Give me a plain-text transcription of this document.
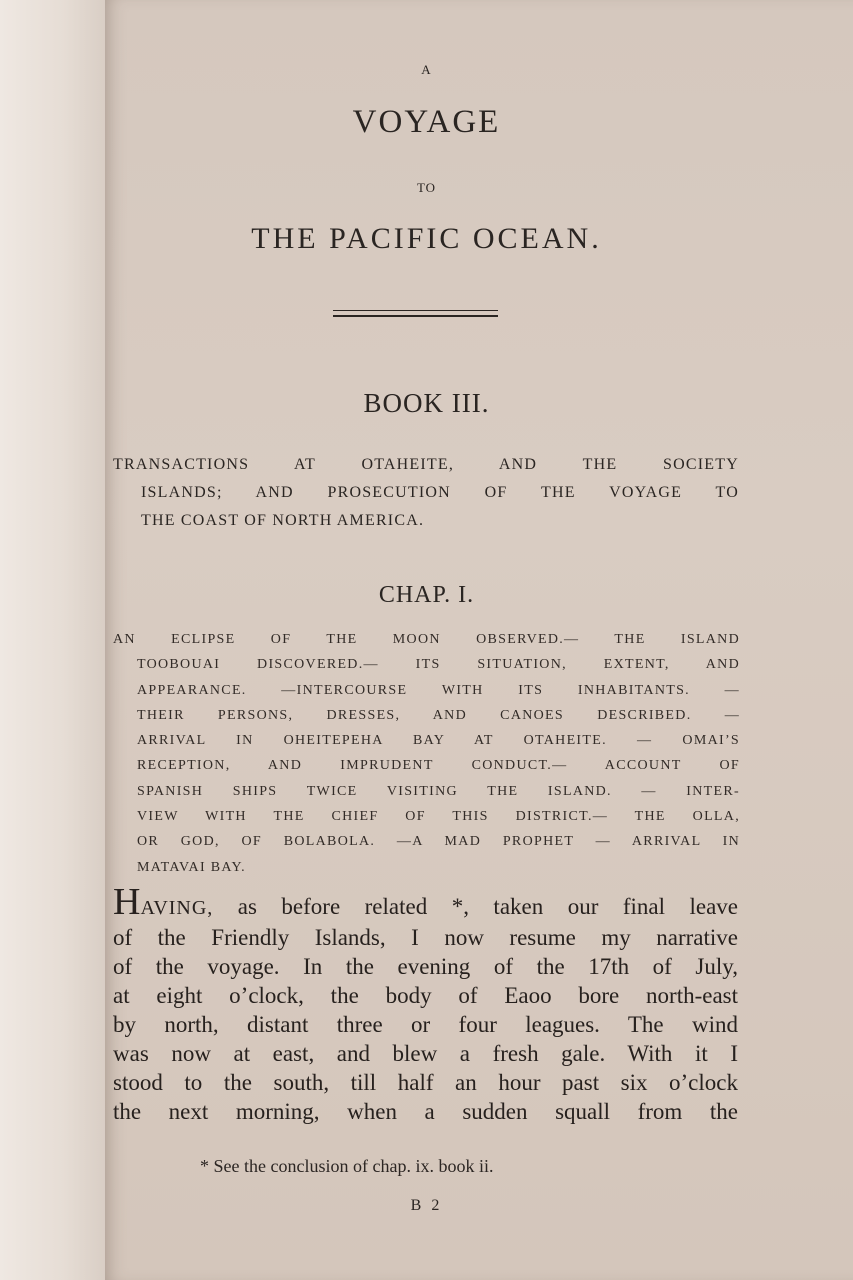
A
VOYAGE
TO
THE PACIFIC OCEAN.
BOOK III.
TRANSACTIONS AT OTAHEITE, AND THE SOCIETY
ISLANDS; AND PROSECUTION OF THE VOYAGE TO
THE COAST OF NORTH AMERICA.
CHAP. I.
AN ECLIPSE OF THE MOON OBSERVED.— THE ISLAND
TOOBOUAI DISCOVERED.— ITS SITUATION, EXTENT, AND
APPEARANCE. —INTERCOURSE WITH ITS INHABITANTS. —
THEIR PERSONS, DRESSES, AND CANOES DESCRIBED. —
ARRIVAL IN OHEITEPEHA BAY AT OTAHEITE. — OMAI’S
RECEPTION, AND IMPRUDENT CONDUCT.— ACCOUNT OF
SPANISH SHIPS TWICE VISITING THE ISLAND. — INTER-
VIEW WITH THE CHIEF OF THIS DISTRICT.— THE OLLA,
OR GOD, OF BOLABOLA. —A MAD PROPHET — ARRIVAL IN
MATAVAI BAY.
HAVING, as before related *, taken our final leave
of the Friendly Islands, I now resume my narrative
of the voyage. In the evening of the 17th of July,
at eight o’clock, the body of Eaoo bore north-east
by north, distant three or four leagues. The wind
was now at east, and blew a fresh gale. With it I
stood to the south, till half an hour past six o’clock
the next morning, when a sudden squall from the
* See the conclusion of chap. ix. book ii.
B 2
